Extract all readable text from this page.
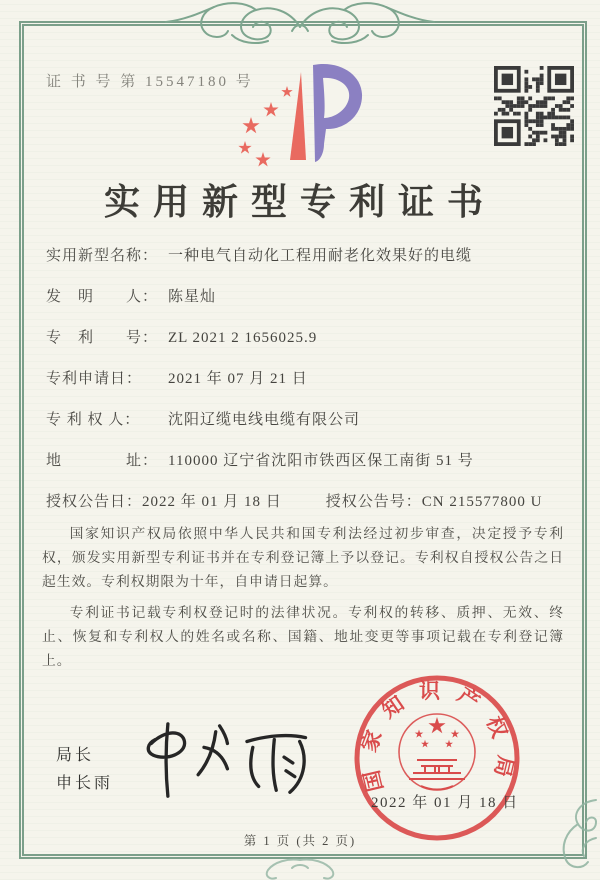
证 书 号 第 15547180 号
实用新型专利证书
实用新型名称： 一种电气自动化工程用耐老化效果好的电缆
发　明　　人： 陈星灿
专　利　　号： ZL 2021 2 1656025.9
专利申请日：	2021 年 07 月 21 日
专 利 权 人：	沈阳辽缆电线电缆有限公司
地　　　　址： 110000 辽宁省沈阳市铁西区保工南街 51 号
授权公告日： 2022 年 01 月 18 日	授权公告号： CN 215577800 U

国家知识产权局依照中华人民共和国专利法经过初步审查，决定授予专利权，颁发实用新型专利证书并在专利登记簿上予以登记。专利权自授权公告之日起生效。专利权期限为十年，自申请日起算。

专利证书记载专利权登记时的法律状况。专利权的转移、质押、无效、终止、恢复和专利权人的姓名或名称、国籍、地址变更等事项记载在专利登记簿上。

局长
申长雨	国家知识产权局
2022 年 01 月 18 日
第 1 页 (共 2 页)
